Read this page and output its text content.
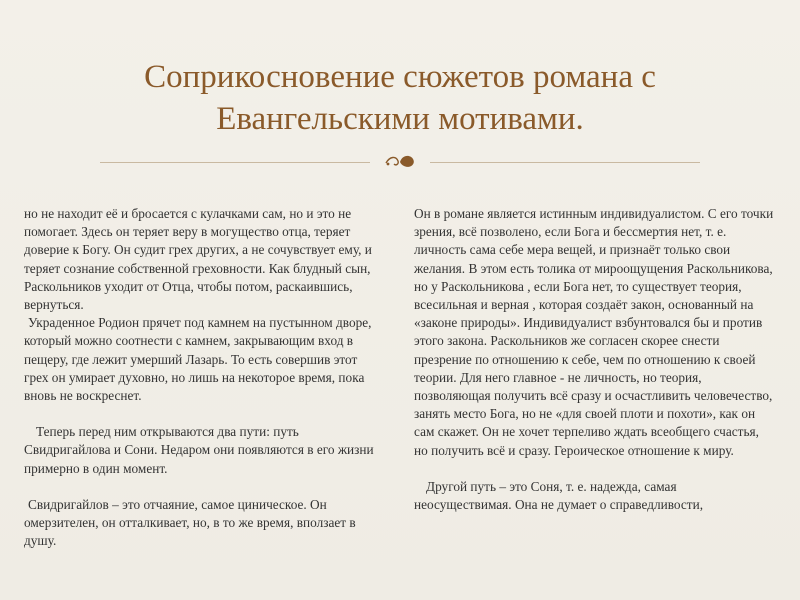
Соприкосновение сюжетов романа с
Евангельскими мотивами.

но не находит её и бросается с кулачками сам, но и это не помогает. Здесь он теряет веру в могущество отца, теряет доверие к Богу. Он судит грех других, а не сочувствует ему, и теряет сознание собственной греховности. Как блудный сын, Раскольников уходит от Отца, чтобы потом, раскаившись, вернуться.

Украденное Родион прячет под камнем на пустынном дворе, который можно соотнести с камнем, закрывающим вход в пещеру, где лежит умерший Лазарь. То есть совершив этот грех он умирает духовно, но лишь на некоторое время, пока вновь не воскреснет.

Теперь перед ним открываются два пути: путь Свидригайлова и Сони. Недаром они появляются в его жизни примерно в один момент.

Свидригайлов – это отчаяние, самое циническое. Он омерзителен, он отталкивает, но, в то же время, вползает в душу.

Он в романе является истинным индивидуалистом. С его точки зрения, всё позволено, если Бога и бессмертия нет, т. е. личность сама себе мера вещей, и признаёт только свои желания. В этом есть толика от мироощущения Раскольникова, но у Раскольникова , если Бога нет, то существует теория, всесильная и верная , которая создаёт закон, основанный на «законе природы». Индивидуалист взбунтовался бы и против этого закона. Раскольников же согласен скорее снести презрение по отношению к себе, чем по отношению к своей теории. Для него главное - не личность, но теория, позволяющая получить всё сразу и осчастливить человечество, занять место Бога, но не «для своей плоти и похоти», как он сам скажет. Он не хочет терпеливо ждать всеобщего счастья, но получить всё и сразу. Героическое отношение к миру.

Другой путь – это Соня, т. е. надежда, самая неосуществимая. Она не думает о справедливости,
